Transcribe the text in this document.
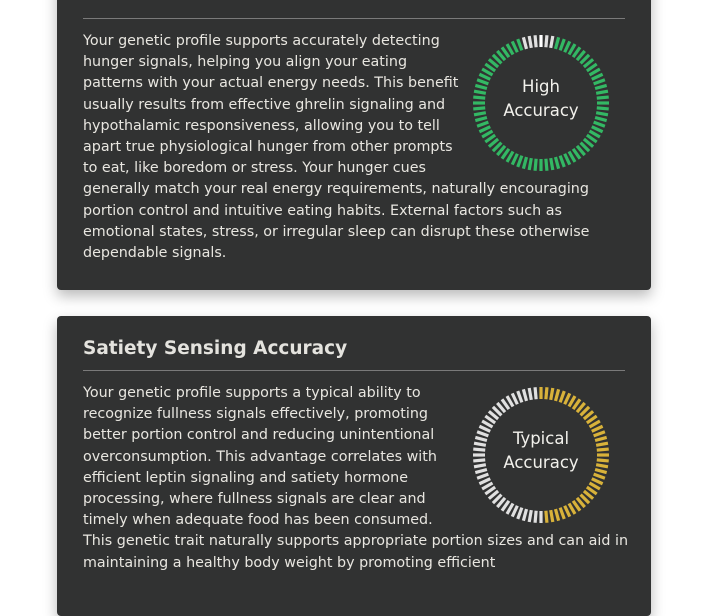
Your genetic profile supports accurately detecting hunger signals, helping you align your eating patterns with your actual energy needs. This benefit usually results from effective ghrelin signaling and hypothalamic responsiveness, allowing you to tell apart true physiological hunger from other prompts to eat, like boredom or stress. Your hunger cues generally match your real energy requirements, naturally encouraging portion control and intuitive eating habits. External factors such as emotional states, stress, or irregular sleep can disrupt these otherwise dependable signals.

High
Accuracy
Satiety Sensing Accuracy

Your genetic profile supports a typical ability to recognize fullness signals effectively, promoting better portion control and reducing unintentional overconsumption. This advantage correlates with efficient leptin signaling and satiety hormone processing, where fullness signals are clear and timely when adequate food has been consumed. This genetic trait naturally supports appropriate portion sizes and can aid in maintaining a healthy body weight by promoting efficient

Typical
Accuracy
